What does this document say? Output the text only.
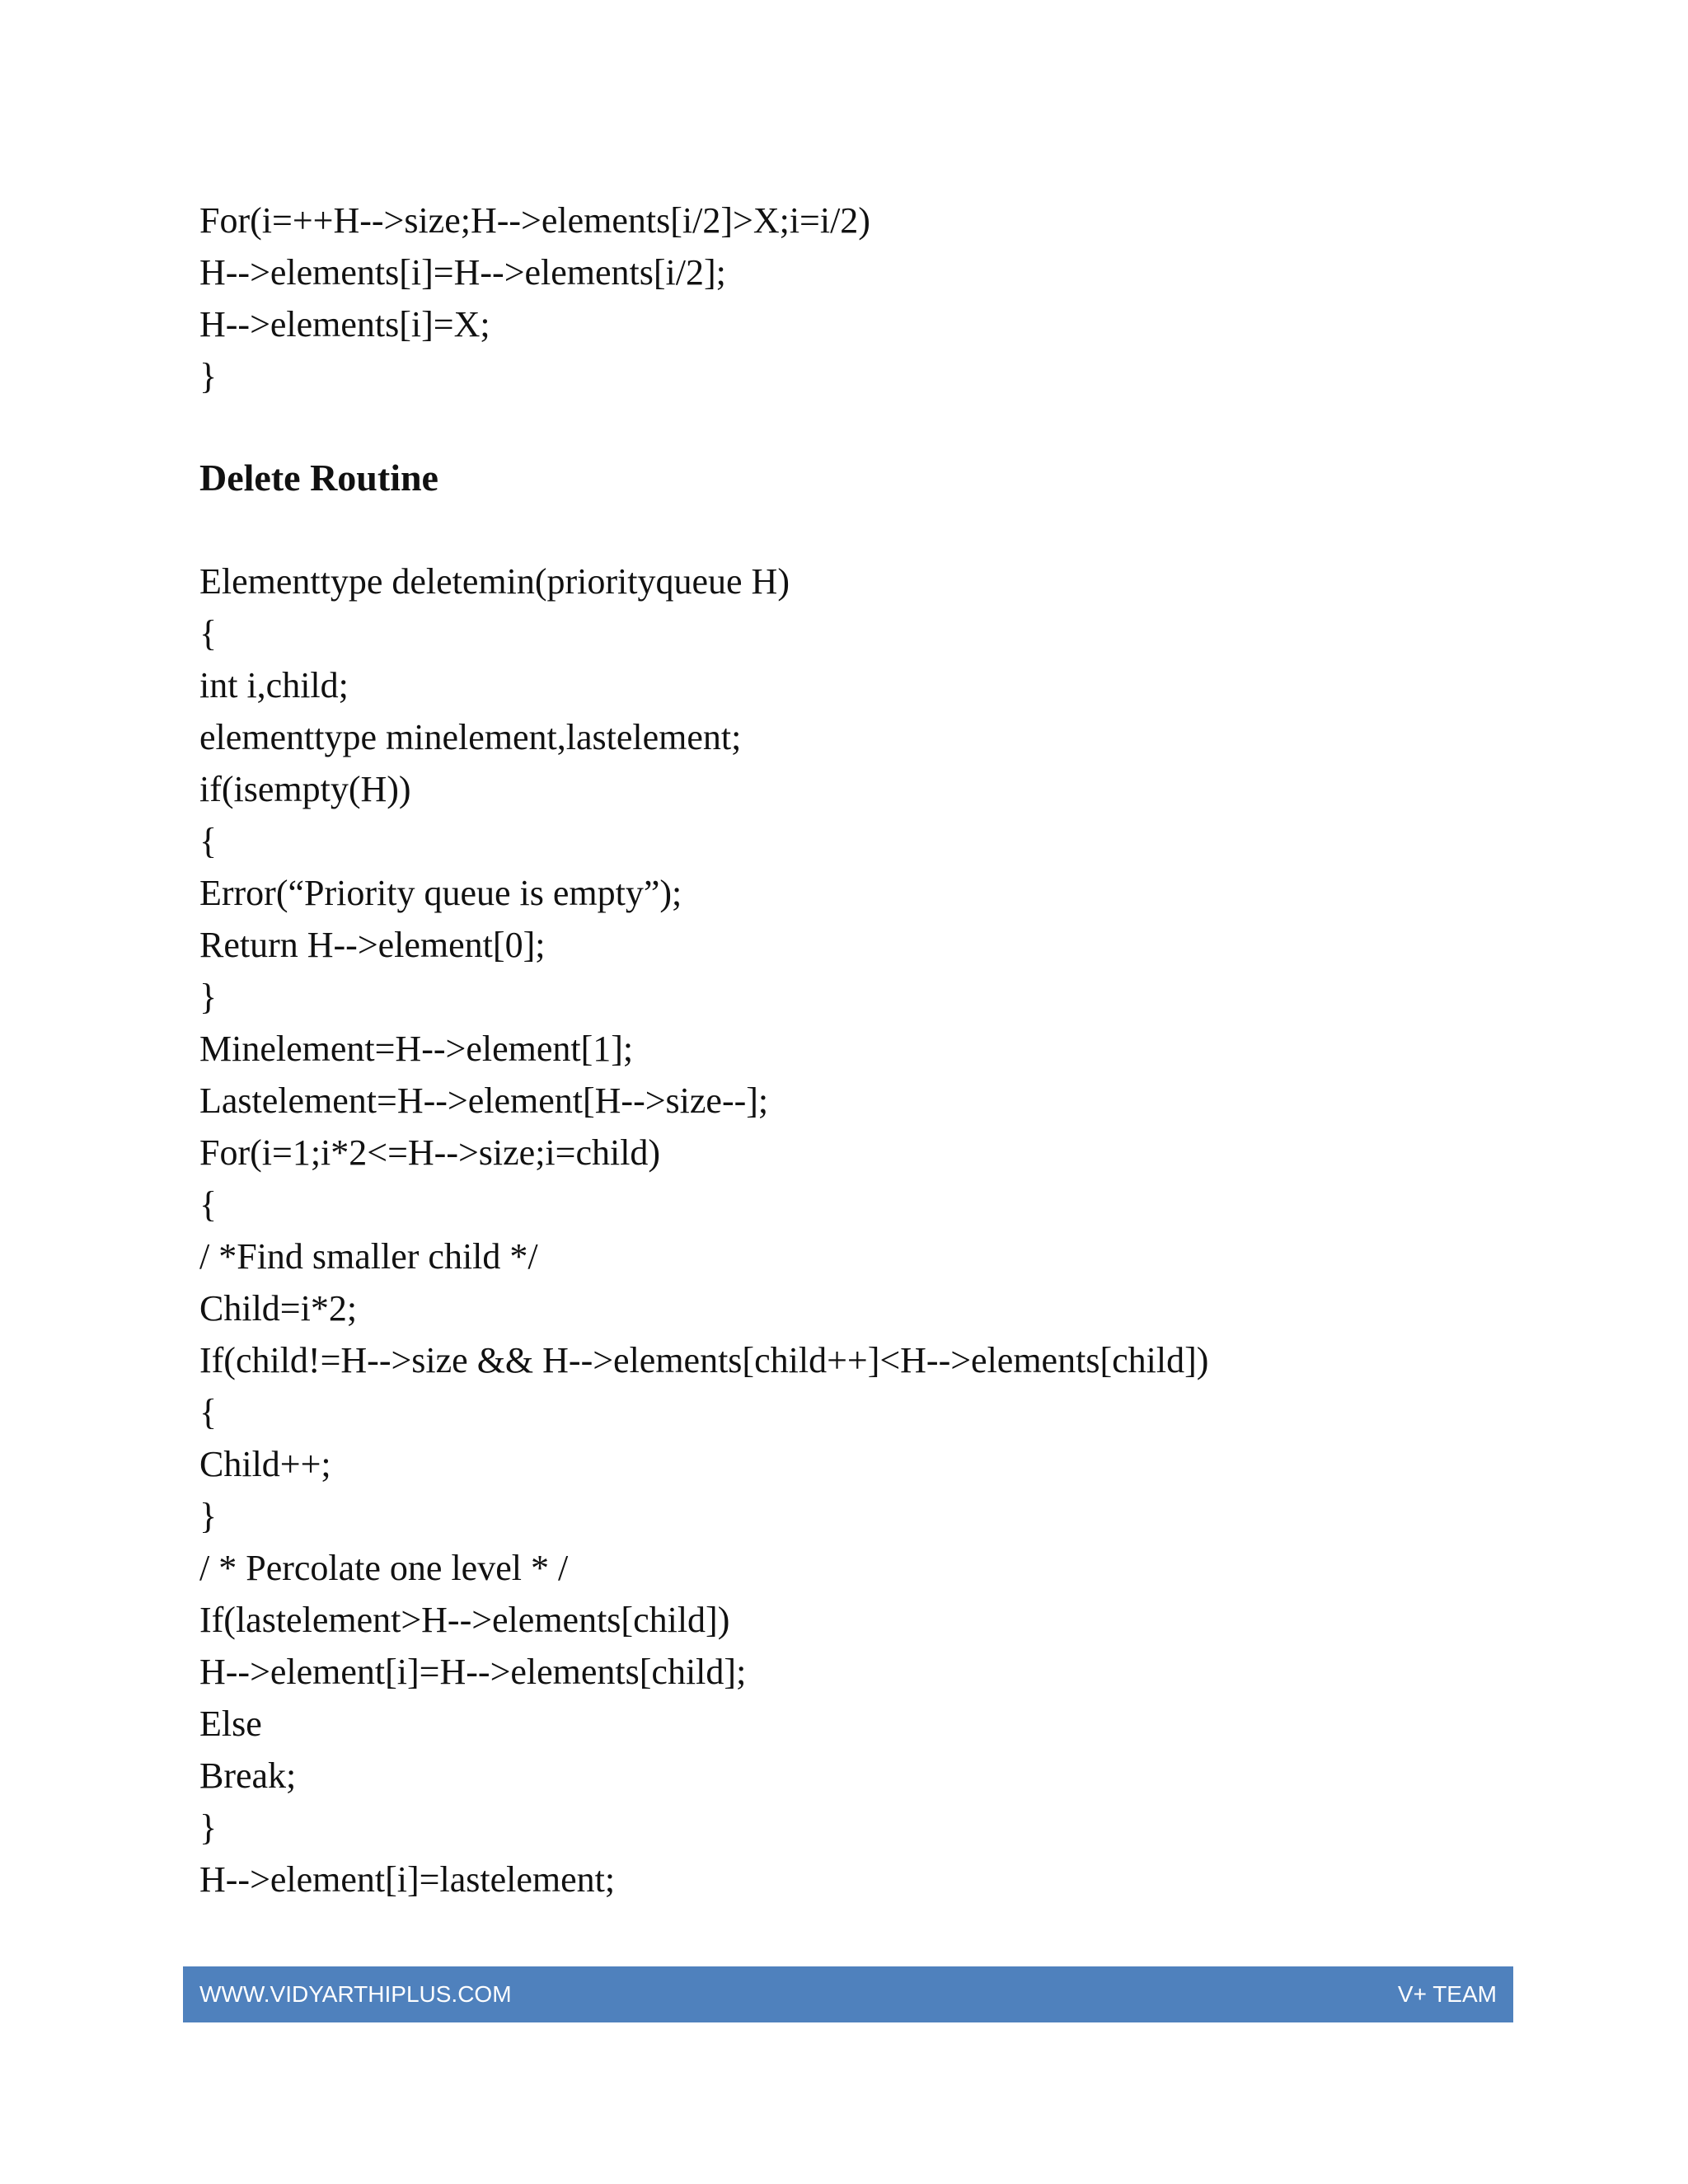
For(i=++H-->size;H-->elements[i/2]>X;i=i/2)
H-->elements[i]=H-->elements[i/2];
H-->elements[i]=X;
}
Delete Routine
Elementtype deletemin(priorityqueue H)
{
int i,child;
elementtype minelement,lastelement;
if(isempty(H))
{
Error(“Priority queue is empty”);
Return H-->element[0];
}
Minelement=H-->element[1];
Lastelement=H-->element[H-->size--];
For(i=1;i*2<=H-->size;i=child)
{
/ *Find smaller child */
Child=i*2;
If(child!=H-->size && H-->elements[child++]<H-->elements[child])
{
Child++;
}
/ * Percolate one level * /
If(lastelement>H-->elements[child])
H-->element[i]=H-->elements[child];
Else
Break;
}
H-->element[i]=lastelement;
WWW.VIDYARTHIPLUS.COM	V+ TEAM
